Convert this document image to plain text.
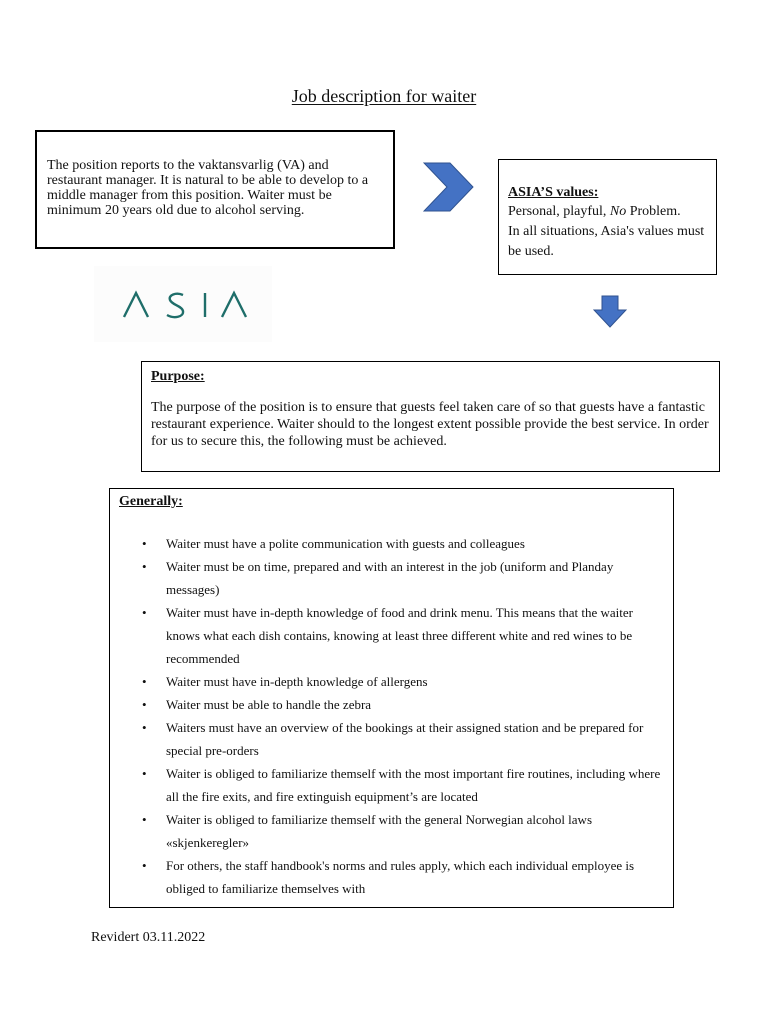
Job description for waiter
The position reports to the vaktansvarlig (VA) and restaurant manager. It is natural to be able to develop to a middle manager from this position. Waiter must be minimum 20 years old due to alcohol serving.
ASIA’S values:
Personal, playful, No Problem.
In all situations, Asia's values must be used.
ASIA
Purpose:
The purpose of the position is to ensure that guests feel taken care of so that guests have a fantastic restaurant experience. Waiter should to the longest extent possible provide the best service. In order for us to secure this, the following must be achieved.
Generally:
• Waiter must have a polite communication with guests and colleagues
• Waiter must be on time, prepared and with an interest in the job (uniform and Planday messages)
• Waiter must have in-depth knowledge of food and drink menu. This means that the waiter knows what each dish contains, knowing at least three different white and red wines to be recommended
• Waiter must have in-depth knowledge of allergens
• Waiter must be able to handle the zebra
• Waiters must have an overview of the bookings at their assigned station and be prepared for special pre-orders
• Waiter is obliged to familiarize themself with the most important fire routines, including where all the fire exits, and fire extinguish equipment’s are located
• Waiter is obliged to familiarize themself with the general Norwegian alcohol laws «skjenkeregler»
• For others, the staff handbook's norms and rules apply, which each individual employee is obliged to familiarize themselves with
Revidert 03.11.2022
